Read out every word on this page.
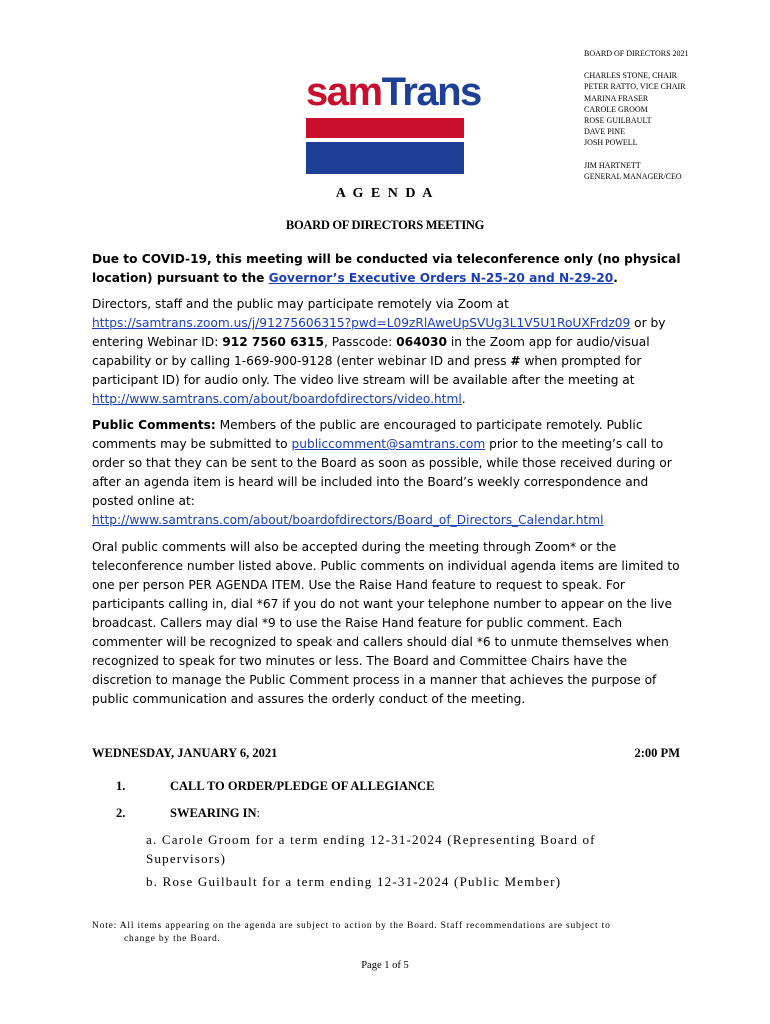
BOARD OF DIRECTORS 2021
CHARLES STONE, CHAIR
PETER RATTO, VICE CHAIR
MARINA FRASER
CAROLE GROOM
ROSE GUILBAULT
DAVE PINE
JOSH POWELL
JIM HARTNETT
GENERAL MANAGER/CEO
samTrans
A G E N D A
BOARD OF DIRECTORS MEETING
Due to COVID-19, this meeting will be conducted via teleconference only (no physical location) pursuant to the Governor’s Executive Orders N-25-20 and N-29-20.
Directors, staff and the public may participate remotely via Zoom at https://samtrans.zoom.us/j/91275606315?pwd=L09zRlAweUpSVUg3L1V5U1RoUXFrdz09 or by entering Webinar ID: 912 7560 6315, Passcode: 064030 in the Zoom app for audio/visual capability or by calling 1-669-900-9128 (enter webinar ID and press # when prompted for participant ID) for audio only. The video live stream will be available after the meeting at http://www.samtrans.com/about/boardofdirectors/video.html.
Public Comments: Members of the public are encouraged to participate remotely. Public comments may be submitted to publiccomment@samtrans.com prior to the meeting’s call to order so that they can be sent to the Board as soon as possible, while those received during or after an agenda item is heard will be included into the Board’s weekly correspondence and posted online at: http://www.samtrans.com/about/boardofdirectors/Board_of_Directors_Calendar.html
Oral public comments will also be accepted during the meeting through Zoom* or the teleconference number listed above. Public comments on individual agenda items are limited to one per person PER AGENDA ITEM. Use the Raise Hand feature to request to speak. For participants calling in, dial *67 if you do not want your telephone number to appear on the live broadcast. Callers may dial *9 to use the Raise Hand feature for public comment. Each commenter will be recognized to speak and callers should dial *6 to unmute themselves when recognized to speak for two minutes or less. The Board and Committee Chairs have the discretion to manage the Public Comment process in a manner that achieves the purpose of public communication and assures the orderly conduct of the meeting.
WEDNESDAY, JANUARY 6, 2021	2:00 PM
1.	CALL TO ORDER/PLEDGE OF ALLEGIANCE
2.	SWEARING IN:
a. Carole Groom for a term ending 12-31-2024 (Representing Board of Supervisors)
b. Rose Guilbault for a term ending 12-31-2024 (Public Member)
Note: All items appearing on the agenda are subject to action by the Board. Staff recommendations are subject to
change by the Board.
Page 1 of 5
